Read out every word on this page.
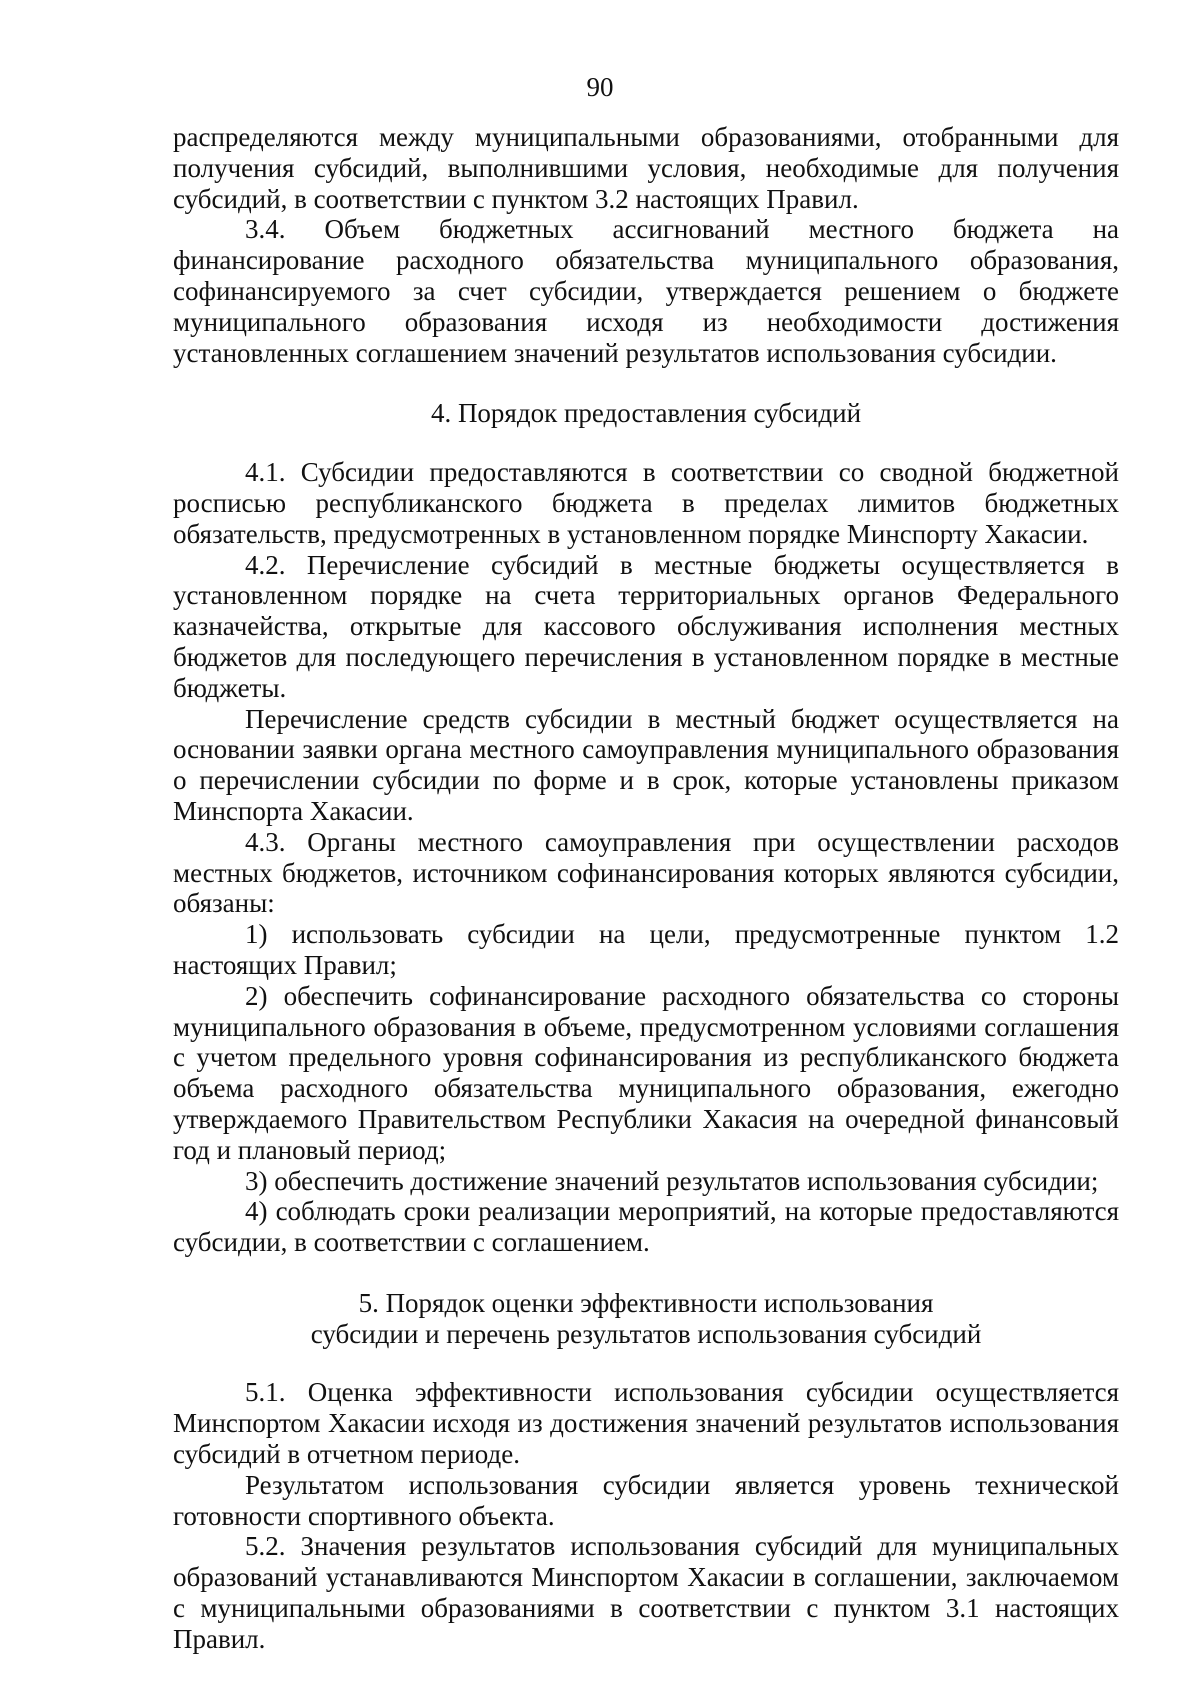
90

распределяются между муниципальными образованиями, отобранными для получения субсидий, выполнившими условия, необходимые для получения субсидий, в соответствии с пунктом 3.2 настоящих Правил.

3.4. Объем бюджетных ассигнований местного бюджета на финансирование расходного обязательства муниципального образования, софинансируемого за счет субсидии, утверждается решением о бюджете муниципального образования исходя из необходимости достижения установленных соглашением значений результатов использования субсидии.

4. Порядок предоставления субсидий

4.1. Субсидии предоставляются в соответствии со сводной бюджетной росписью республиканского бюджета в пределах лимитов бюджетных обязательств, предусмотренных в установленном порядке Минспорту Хакасии.

4.2. Перечисление субсидий в местные бюджеты осуществляется в установленном порядке на счета территориальных органов Федерального казначейства, открытые для кассового обслуживания исполнения местных бюджетов для последующего перечисления в установленном порядке в местные бюджеты.

Перечисление средств субсидии в местный бюджет осуществляется на основании заявки органа местного самоуправления муниципального образования о перечислении субсидии по форме и в срок, которые установлены приказом Минспорта Хакасии.

4.3. Органы местного самоуправления при осуществлении расходов местных бюджетов, источником софинансирования которых являются субсидии, обязаны:

1) использовать субсидии на цели, предусмотренные пунктом 1.2 настоящих Правил;

2) обеспечить софинансирование расходного обязательства со стороны муниципального образования в объеме, предусмотренном условиями соглашения с учетом предельного уровня софинансирования из республиканского бюджета объема расходного обязательства муниципального образования, ежегодно утверждаемого Правительством Республики Хакасия на очередной финансовый год и плановый период;

3) обеспечить достижение значений результатов использования субсидии;

4) соблюдать сроки реализации мероприятий, на которые предоставляются субсидии, в соответствии с соглашением.

5. Порядок оценки эффективности использования
субсидии и перечень результатов использования субсидий

5.1. Оценка эффективности использования субсидии осуществляется Минспортом Хакасии исходя из достижения значений результатов использования субсидий в отчетном периоде.

Результатом использования субсидии является уровень технической готовности спортивного объекта.

5.2. Значения результатов использования субсидий для муниципальных образований устанавливаются Минспортом Хакасии в соглашении, заключаемом с муниципальными образованиями в соответствии с пунктом 3.1 настоящих Правил.
